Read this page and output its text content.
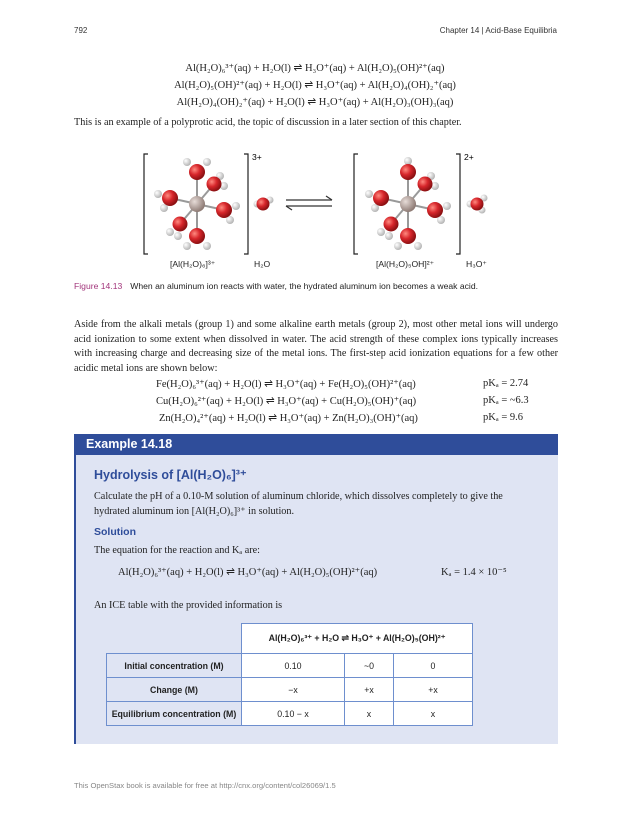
792	Chapter 14 | Acid-Base Equilibria
Al(H₂O)₆³⁺(aq) + H₂O(l) ⇌ H₃O⁺(aq) + Al(H₂O)₅(OH)²⁺(aq)
Al(H₂O)₅(OH)²⁺(aq) + H₂O(l) ⇌ H₃O⁺(aq) + Al(H₂O)₄(OH)₂⁺(aq)
Al(H₂O)₄(OH)₂⁺(aq) + H₂O(l) ⇌ H₃O⁺(aq) + Al(H₂O)₃(OH)₃(aq)
This is an example of a polyprotic acid, the topic of discussion in a later section of this chapter.
3+	2+
[Al(H₂O)₆]³⁺	H₂O	[Al(H₂O)₅OH]²⁺	H₃O⁺
Figure 14.13 When an aluminum ion reacts with water, the hydrated aluminum ion becomes a weak acid.
Aside from the alkali metals (group 1) and some alkaline earth metals (group 2), most other metal ions will undergo acid ionization to some extent when dissolved in water. The acid strength of these complex ions typically increases with increasing charge and decreasing size of the metal ions. The first-step acid ionization equations for a few other acidic metal ions are shown below:
Fe(H₂O)₆³⁺(aq) + H₂O(l) ⇌ H₃O⁺(aq) + Fe(H₂O)₅(OH)²⁺(aq)	pKₐ = 2.74
Cu(H₂O)₆²⁺(aq) + H₂O(l) ⇌ H₃O⁺(aq) + Cu(H₂O)₅(OH)⁺(aq)	pKₐ = ~6.3
Zn(H₂O)₄²⁺(aq) + H₂O(l) ⇌ H₃O⁺(aq) + Zn(H₂O)₃(OH)⁺(aq)	pKₐ = 9.6
Example 14.18
Hydrolysis of [Al(H₂O)₆]³⁺
Calculate the pH of a 0.10-M solution of aluminum chloride, which dissolves completely to give the
hydrated aluminum ion [Al(H₂O)₆]³⁺ in solution.
Solution
The equation for the reaction and Kₐ are:
Al(H₂O)₆³⁺(aq) + H₂O(l) ⇌ H₃O⁺(aq) + Al(H₂O)₅(OH)²⁺(aq)	Kₐ = 1.4 × 10⁻⁵
An ICE table with the provided information is
	Al(H₂O)₆³⁺ + H₂O ⇌ H₃O⁺ + Al(H₂O)₅(OH)²⁺		
Initial concentration (M)	0.10	~0	0
Change (M)	−x	+x	+x
Equilibrium concentration (M)	0.10 − x	x	x
This OpenStax book is available for free at http://cnx.org/content/col26069/1.5
